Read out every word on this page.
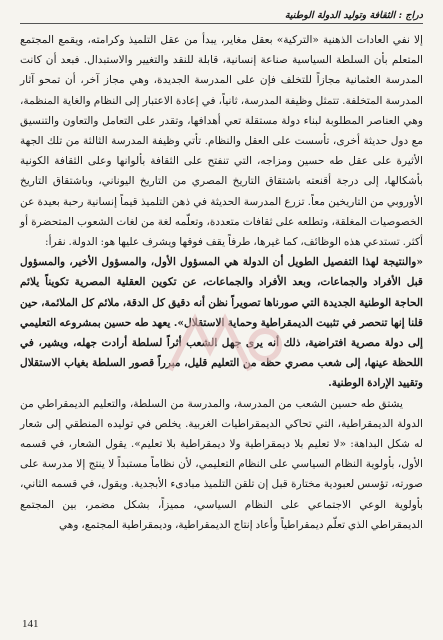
دراج : الثقافة وتوليد الدولة الوطنية

إلا نفي العادات الذهنية «التركية» بعقل مغاير، يبدأ من عقل التلميذ وكرامته، ويقمع المجتمع المتعلم بأن السلطة السياسية صناعة إنسانية، قابلة للنقد والتغيير والاستبدال. فبعد أن كانت المدرسة العثمانية مجازاً للتخلف فإن على المدرسة الجديدة، وهي مجاز آخر، أن تمحو آثار المدرسة المتخلفة. تتمثل وظيفة المدرسة، ثانياً، في إعادة الاعتبار إلى النظام والغاية المنظمة، وهي العناصر المطلوبة لبناء دولة مستقلة تعي أهدافها، وتقدر على التعامل والتعاون والتنسيق مع دول حديثة أخرى، تأسست على العقل والنظام. تأتي وظيفة المدرسة الثالثة من تلك الجهة الأثيرة على عقل طه حسين ومزاجه، التي تنفتح على الثقافة بألوانها وعلى الثقافة الكونية بأشكالها، إلى درجة أقنعته باشتقاق التاريخ المصري من التاريخ اليوناني، وباشتقاق التاريخ الأوروبي من التاريخين معاً. تزرع المدرسة الحديثة في ذهن التلميذ قيماً إنسانية رحبة بعيدة عن الخصوصيات المغلقة، وتطلعه على ثقافات متعددة، وتعلّمه لغة من لغات الشعوب المتحضرة أو أكثر. تستدعي هذه الوظائف، كما غيرها، طرفاً يقف فوقها ويشرف عليها هو: الدولة. نقرأ:

«والنتيجة لهذا التفصيل الطويل أن الدولة هي المسؤول الأول، والمسؤول الأخير، والمسؤول قبل الأفراد والجماعات، وبعد الأفراد والجماعات، عن تكوين العقلية المصرية تكويناً يلائم الحاجة الوطنية الجديدة التي صورناها تصويراً نظن أنه دقيق كل الدقة، ملائم كل الملائمة، حين قلنا إنها تنحصر في تثبيت الديمقراطية وحماية الاستقلال». يعهد طه حسين بمشروعه التعليمي إلى دولة مصرية افتراضية، ذلك أنه يرى جهل الشعب أثراً لسلطة أرادت جهله، ويشير، في اللحظة عينها، إلى شعب مصري حظه من التعليم قليل، مبرراً قصور السلطة بغياب الاستقلال وتقييد الإرادة الوطنية.

يشتق طه حسين الشعب من المدرسة، والمدرسة من السلطة، والتعليم الديمقراطي من الدولة الديمقراطية، التي تحاكي الديمقراطيات الغربية. يخلص في توليده المنطقي إلى شعار له شكل البداهة: «لا تعليم بلا ديمقراطية ولا ديمقراطية بلا تعليم». يقول الشعار، في قسمه الأول، بأولوية النظام السياسي على النظام التعليمي، لأن نظاماً مستبداً لا ينتج إلا مدرسة على صورته، تؤسس لعبودية مختارة قبل إن تلقن التلميذ مبادىء الأبجدية. ويقول، في قسمه الثاني، بأولوية الوعي الاجتماعي على النظام السياسي، مميزاً، بشكل مضمر، بين المجتمع الديمقراطي الذي تعلّم ديمقراطياً وأعاد إنتاج الديمقراطية، وديمقراطية المجتمع، وهي

141
